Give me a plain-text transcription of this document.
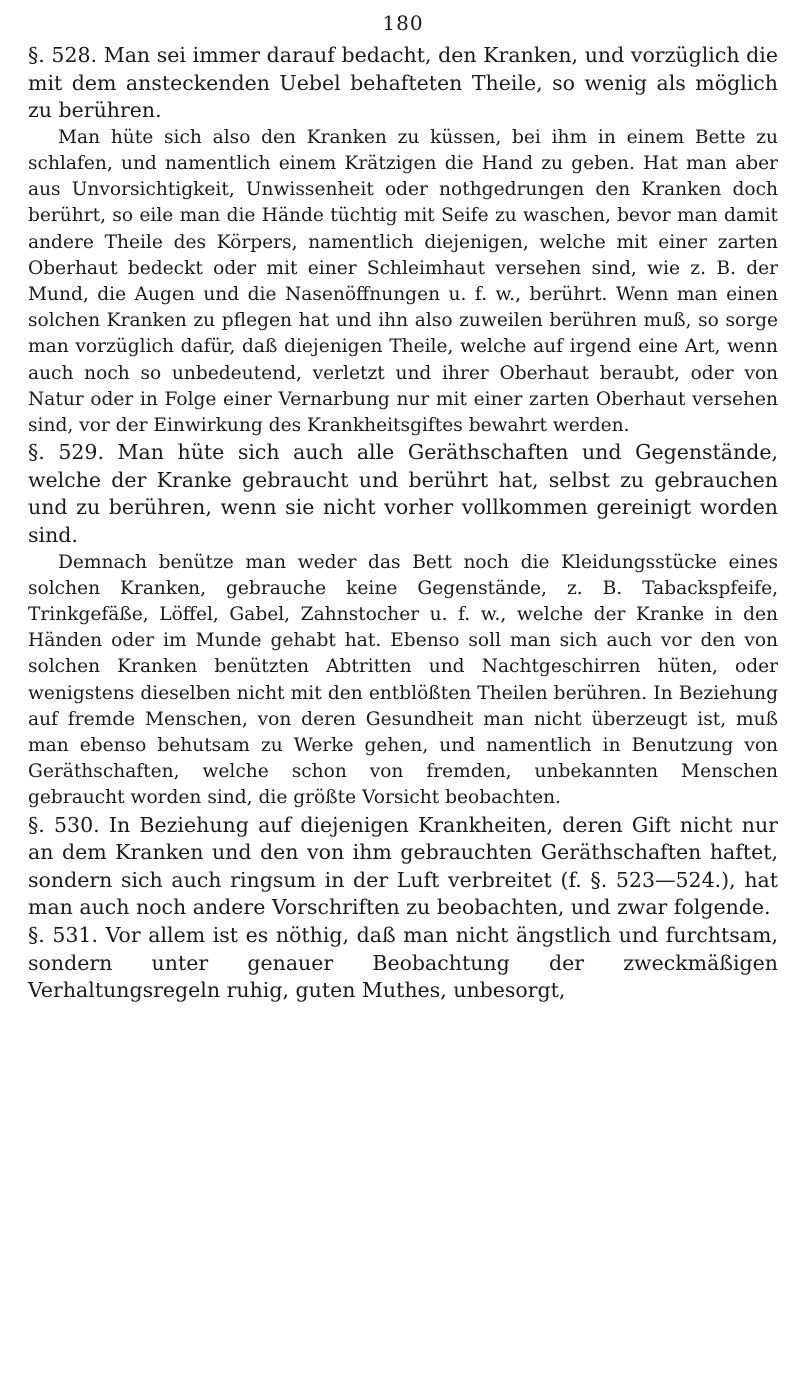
180

§. 528. Man sei immer darauf bedacht, den Kranken, und vorzüglich die mit dem ansteckenden Uebel behafteten Theile, so wenig als möglich zu berühren.

Man hüte sich also den Kranken zu küssen, bei ihm in einem Bette zu schlafen, und namentlich einem Krätzigen die Hand zu geben. Hat man aber aus Unvorsichtigkeit, Unwissenheit oder nothgedrungen den Kranken doch berührt, so eile man die Hände tüchtig mit Seife zu waschen, bevor man damit andere Theile des Körpers, namentlich diejenigen, welche mit einer zarten Oberhaut bedeckt oder mit einer Schleimhaut versehen sind, wie z. B. der Mund, die Augen und die Nasenöffnungen u. f. w., berührt. Wenn man einen solchen Kranken zu pflegen hat und ihn also zuweilen berühren muß, so sorge man vorzüglich dafür, daß diejenigen Theile, welche auf irgend eine Art, wenn auch noch so unbedeutend, verletzt und ihrer Oberhaut beraubt, oder von Natur oder in Folge einer Vernarbung nur mit einer zarten Oberhaut versehen sind, vor der Einwirkung des Krankheitsgiftes bewahrt werden.

§. 529. Man hüte sich auch alle Geräthschaften und Gegenstände, welche der Kranke gebraucht und berührt hat, selbst zu gebrauchen und zu berühren, wenn sie nicht vorher vollkommen gereinigt worden sind.

Demnach benütze man weder das Bett noch die Kleidungsstücke eines solchen Kranken, gebrauche keine Gegenstände, z. B. Tabackspfeife, Trinkgefäße, Löffel, Gabel, Zahnstocher u. f. w., welche der Kranke in den Händen oder im Munde gehabt hat. Ebenso soll man sich auch vor den von solchen Kranken benützten Abtritten und Nachtgeschirren hüten, oder wenigstens dieselben nicht mit den entblößten Theilen berühren. In Beziehung auf fremde Menschen, von deren Gesundheit man nicht überzeugt ist, muß man ebenso behutsam zu Werke gehen, und namentlich in Benutzung von Geräthschaften, welche schon von fremden, unbekannten Menschen gebraucht worden sind, die größte Vorsicht beobachten.

§. 530. In Beziehung auf diejenigen Krankheiten, deren Gift nicht nur an dem Kranken und den von ihm gebrauchten Geräthschaften haftet, sondern sich auch ringsum in der Luft verbreitet (f. §. 523—524.), hat man auch noch andere Vorschriften zu beobachten, und zwar folgende.

§. 531. Vor allem ist es nöthig, daß man nicht ängstlich und furchtsam, sondern unter genauer Beobachtung der zweckmäßigen Verhaltungsregeln ruhig, guten Muthes, unbesorgt,
